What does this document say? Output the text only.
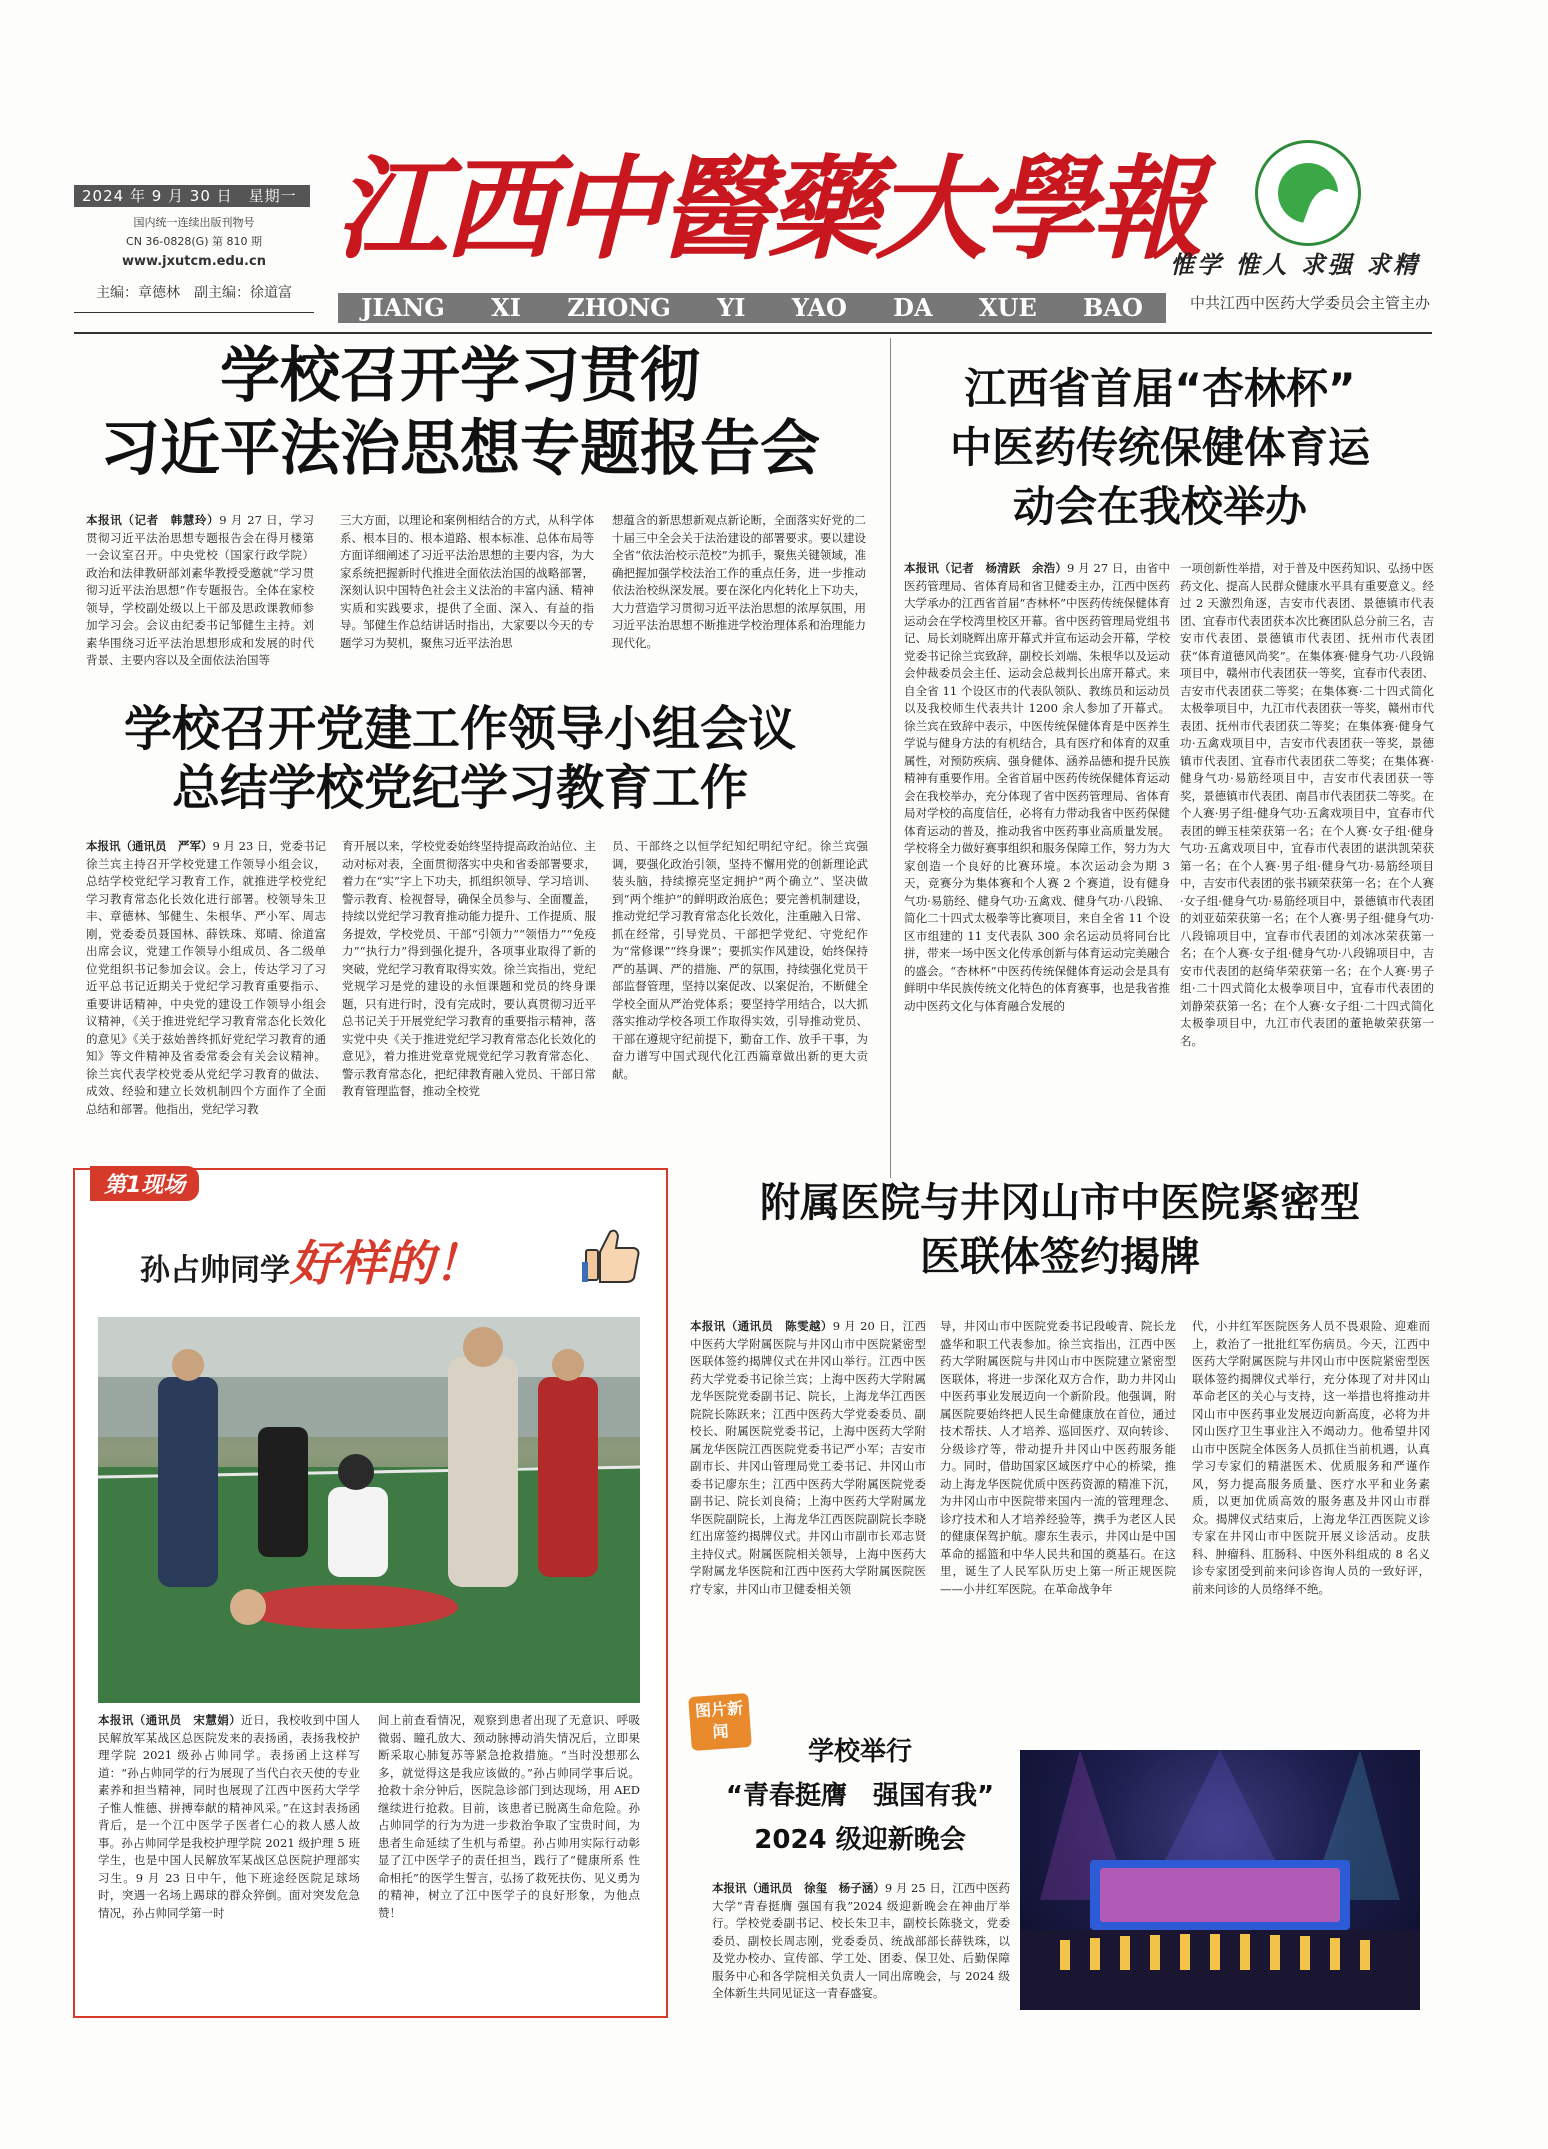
2024 年 9 月 30 日　星期一
国内统一连续出版刊物号
CN 36-0828(G) 第 810 期
www.jxutcm.edu.cn
主编：章德林　副主编：徐道富
江西中醫藥大學報
JIANG XI ZHONG YI YAO DA XUE BAO
惟学 惟人 求强 求精
中共江西中医药大学委员会主管主办
学校召开学习贯彻
习近平法治思想专题报告会
本报讯（记者　韩慧玲）9 月 27 日，学习贯彻习近平法治思想专题报告会在得月楼第一会议室召开。中央党校（国家行政学院）政治和法律教研部刘素华教授受邀就“学习贯彻习近平法治思想”作专题报告。全体在家校领导，学校副处级以上干部及思政课教师参加学习会。会议由纪委书记邹健生主持。刘素华围绕习近平法治思想形成和发展的时代背景、主要内容以及全面依法治国等
三大方面，以理论和案例相结合的方式，从科学体系、根本目的、根本道路、根本标准、总体布局等方面详细阐述了习近平法治思想的主要内容，为大家系统把握新时代推进全面依法治国的战略部署，深刻认识中国特色社会主义法治的丰富内涵、精神实质和实践要求，提供了全面、深入、有益的指导。邹健生作总结讲话时指出，大家要以今天的专题学习为契机，聚焦习近平法治思
想蕴含的新思想新观点新论断，全面落实好党的二十届三中全会关于法治建设的部署要求。要以建设全省“依法治校示范校”为抓手，聚焦关键领域，准确把握加强学校法治工作的重点任务，进一步推动依法治校纵深发展。要在深化内化转化上下功夫，大力营造学习贯彻习近平法治思想的浓厚氛围，用习近平法治思想不断推进学校治理体系和治理能力现代化。
江西省首届“杏林杯”
中医药传统保健体育运
动会在我校举办
本报讯（记者　杨清跃　余浩）9 月 27 日，由省中医药管理局、省体育局和省卫健委主办，江西中医药大学承办的江西省首届“杏林杯”中医药传统保健体育运动会在学校湾里校区开幕。省中医药管理局党组书记、局长刘晓辉出席开幕式并宣布运动会开幕，学校党委书记徐兰宾致辞，副校长刘端、朱根华以及运动会仲裁委员会主任、运动会总裁判长出席开幕式。来自全省 11 个设区市的代表队领队、教练员和运动员以及我校师生代表共计 1200 余人参加了开幕式。徐兰宾在致辞中表示，中医传统保健体育是中医养生学说与健身方法的有机结合，具有医疗和体育的双重属性，对预防疾病、强身健体、涵养品德和提升民族精神有重要作用。全省首届中医药传统保健体育运动会在我校举办，充分体现了省中医药管理局、省体育局对学校的高度信任，必将有力带动我省中医药保健体育运动的普及，推动我省中医药事业高质量发展。学校将全力做好赛事组织和服务保障工作，努力为大家创造一个良好的比赛环境。本次运动会为期 3 天，竞赛分为集体赛和个人赛 2 个赛道，设有健身气功·易筋经、健身气功·五禽戏、健身气功·八段锦、简化二十四式太极拳等比赛项目，来自全省 11 个设区市组建的 11 支代表队 300 余名运动员将同台比拼，带来一场中医文化传承创新与体育运动完美融合的盛会。“杏林杯”中医药传统保健体育运动会是具有鲜明中华民族传统文化特色的体育赛事，也是我省推动中医药文化与体育融合发展的
一项创新性举措，对于普及中医药知识、弘扬中医药文化、提高人民群众健康水平具有重要意义。经过 2 天激烈角逐，吉安市代表团、景德镇市代表团、宜春市代表团获本次比赛团队总分前三名，吉安市代表团、景德镇市代表团、抚州市代表团获“体育道德风尚奖”。在集体赛·健身气功·八段锦项目中，赣州市代表团获一等奖，宜春市代表团、吉安市代表团获二等奖；在集体赛·二十四式简化太极拳项目中，九江市代表团获一等奖，赣州市代表团、抚州市代表团获二等奖；在集体赛·健身气功·五禽戏项目中，吉安市代表团获一等奖，景德镇市代表团、宜春市代表团获二等奖；在集体赛·健身气功·易筋经项目中，吉安市代表团获一等奖，景德镇市代表团、南昌市代表团获二等奖。在个人赛·男子组·健身气功·五禽戏项目中，宜春市代表团的蝉玉桂荣获第一名；在个人赛·女子组·健身气功·五禽戏项目中，宜春市代表团的谌洪凯荣获第一名；在个人赛·男子组·健身气功·易筋经项目中，吉安市代表团的张书颍荣获第一名；在个人赛·女子组·健身气功·易筋经项目中，景德镇市代表团的刘亚茹荣获第一名；在个人赛·男子组·健身气功·八段锦项目中，宜春市代表团的刘冰冰荣获第一名；在个人赛·女子组·健身气功·八段锦项目中，吉安市代表团的赵绮华荣获第一名；在个人赛·男子组·二十四式简化太极拳项目中，宜春市代表团的刘静荣获第一名；在个人赛·女子组·二十四式简化太极拳项目中，九江市代表团的董艳敏荣获第一名。
学校召开党建工作领导小组会议
总结学校党纪学习教育工作
本报讯（通讯员　严军）9 月 23 日，党委书记徐兰宾主持召开学校党建工作领导小组会议，总结学校党纪学习教育工作，就推进学校党纪学习教育常态化长效化进行部署。校领导朱卫丰、章德林、邹健生、朱根华、严小军、周志刚，党委委员聂国林、薛铁珠、郑晴、徐道富出席会议，党建工作领导小组成员、各二级单位党组织书记参加会议。会上，传达学习了习近平总书记近期关于党纪学习教育重要指示、重要讲话精神，中央党的建设工作领导小组会议精神，《关于推进党纪学习教育常态化长效化的意见》《关于兹始善终抓好党纪学习教育的通知》等文件精神及省委常委会有关会议精神。徐兰宾代表学校党委从党纪学习教育的做法、成效、经验和建立长效机制四个方面作了全面总结和部署。他指出，党纪学习教
育开展以来，学校党委始终坚持提高政治站位、主动对标对表，全面贯彻落实中央和省委部署要求，着力在“实”字上下功夫，抓组织领导、学习培训、警示教育、检视督导，确保全员参与、全面覆盖，持续以党纪学习教育推动能力提升、工作提质、服务提效，学校党员、干部“引领力”“领悟力”“免疫力”“执行力”得到强化提升，各项事业取得了新的突破，党纪学习教育取得实效。徐兰宾指出，党纪党规学习是党的建设的永恒课题和党员的终身课题，只有进行时，没有完成时，要认真贯彻习近平总书记关于开展党纪学习教育的重要指示精神，落实党中央《关于推进党纪学习教育常态化长效化的意见》，着力推进党章党规党纪学习教育常态化、警示教育常态化，把纪律教育融入党员、干部日常教育管理监督，推动全校党
员、干部终之以恒学纪知纪明纪守纪。徐兰宾强调，要强化政治引领，坚持不懈用党的创新理论武装头脑，持续擦亮坚定拥护“两个确立”、坚决做到“两个维护”的鲜明政治底色；要完善机制建设，推动党纪学习教育常态化长效化，注重融入日常、抓在经常，引导党员、干部把学党纪、守党纪作为“常修课”“终身课”；要抓实作风建设，始终保持严的基调、严的措施、严的氛围，持续强化党员干部监督管理，坚持以案促改、以案促治，不断健全学校全面从严治党体系；要坚持学用结合，以大抓落实推动学校各项工作取得实效，引导推动党员、干部在遵规守纪前提下，勤奋工作、放手干事，为奋力谱写中国式现代化江西篇章做出新的更大贡献。
第1现场
孙占帅同学好样的！
本报讯（通讯员　宋慧娟）近日，我校收到中国人民解放军某战区总医院发来的表扬函，表扬我校护理学院 2021 级孙占帅同学。表扬函上这样写道：“孙占帅同学的行为展现了当代白衣天使的专业素养和担当精神，同时也展现了江西中医药大学学子惟人惟德、拼搏奉献的精神风采。”在这封表扬函背后，是一个江中医学子医者仁心的救人感人故事。孙占帅同学是我校护理学院 2021 级护理 5 班学生，也是中国人民解放军某战区总医院护理部实习生。9 月 23 日中午，他下班途经医院足球场时，突遇一名场上踢球的群众猝倒。面对突发危急情况，孙占帅同学第一时
间上前查看情况，观察到患者出现了无意识、呼吸微弱、瞳孔放大、颈动脉搏动消失情况后，立即果断采取心肺复苏等紧急抢救措施。“当时没想那么多，就觉得这是我应该做的。”孙占帅同学事后说。抢救十余分钟后，医院急诊部门到达现场，用 AED 继续进行抢救。目前，该患者已脱离生命危险。孙占帅同学的行为为进一步救治争取了宝贵时间，为患者生命延续了生机与希望。孙占帅用实际行动彰显了江中医学子的责任担当，践行了“健康所系 性命相托”的医学生誓言，弘扬了救死扶伤、见义勇为的精神，树立了江中医学子的良好形象，为他点赞！
附属医院与井冈山市中医院紧密型
医联体签约揭牌
本报讯（通讯员　陈雯越）9 月 20 日，江西中医药大学附属医院与井冈山市中医院紧密型医联体签约揭牌仪式在井冈山举行。江西中医药大学党委书记徐兰宾；上海中医药大学附属龙华医院党委副书记、院长，上海龙华江西医院院长陈跃来；江西中医药大学党委委员、副校长、附属医院党委书记，上海中医药大学附属龙华医院江西医院党委书记严小军；吉安市副市长、井冈山管理局党工委书记、井冈山市委书记廖东生；江西中医药大学附属医院党委副书记、院长刘良徛；上海中医药大学附属龙华医院副院长，上海龙华江西医院副院长李晓红出席签约揭牌仪式。井冈山市副市长邓志贤主持仪式。附属医院相关领导，上海中医药大学附属龙华医院和江西中医药大学附属医院医疗专家，井冈山市卫健委相关领
导，井冈山市中医院党委书记段峻青、院长龙盛华和职工代表参加。徐兰宾指出，江西中医药大学附属医院与井冈山市中医院建立紧密型医联体，将进一步深化双方合作，助力井冈山中医药事业发展迈向一个新阶段。他强调，附属医院要始终把人民生命健康放在首位，通过技术帮扶、人才培养、巡回医疗、双向转诊、分级诊疗等，带动提升井冈山中医药服务能力。同时，借助国家区域医疗中心的桥梁，推动上海龙华医院优质中医药资源的精准下沉，为井冈山市中医院带来国内一流的管理理念、诊疗技术和人才培养经验等，携手为老区人民的健康保驾护航。廖东生表示，井冈山是中国革命的摇篮和中华人民共和国的奠基石。在这里，诞生了人民军队历史上第一所正规医院——小井红军医院。在革命战争年
代，小井红军医院医务人员不畏艰险、迎难而上，救治了一批批红军伤病员。今天，江西中医药大学附属医院与井冈山市中医院紧密型医联体签约揭牌仪式举行，充分体现了对井冈山革命老区的关心与支持，这一举措也将推动井冈山市中医药事业发展迈向新高度，必将为井冈山医疗卫生事业注入不竭动力。他希望井冈山市中医院全体医务人员抓住当前机遇，认真学习专家们的精湛医术、优质服务和严谨作风，努力提高服务质量、医疗水平和业务素质，以更加优质高效的服务惠及井冈山市群众。揭牌仪式结束后，上海龙华江西医院义诊专家在井冈山市中医院开展义诊活动。皮肤科、肿瘤科、肛肠科、中医外科组成的 8 名义诊专家团受到前来问诊咨询人员的一致好评，前来问诊的人员络绎不绝。
图片新闻
学校举行
“青春挺膺　强国有我”
2024 级迎新晚会
本报讯（通讯员　徐玺　杨子涵）9 月 25 日，江西中医药大学“青春挺膺 强国有我”2024 级迎新晚会在神曲厅举行。学校党委副书记、校长朱卫丰，副校长陈骁文，党委委员、副校长周志刚，党委委员、统战部部长薛铁珠，以及党办校办、宣传部、学工处、团委、保卫处、后勤保障服务中心和各学院相关负责人一同出席晚会，与 2024 级全体新生共同见证这一青春盛宴。
